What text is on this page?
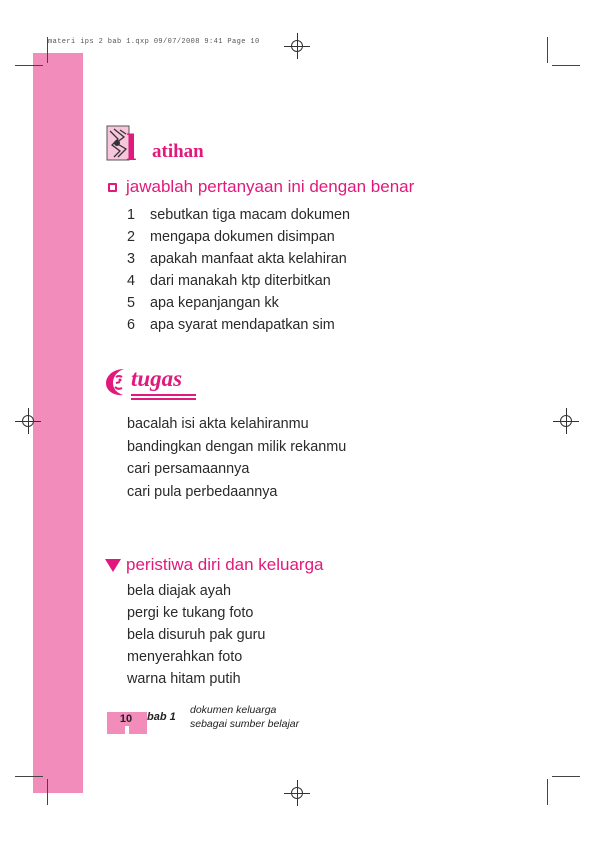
materi ips 2 bab 1.qxp 09/07/2008 9:41 Page 10
l atihan
jawablah pertanyaan ini dengan benar
1 sebutkan tiga macam dokumen
2 mengapa dokumen disimpan
3 apakah manfaat akta kelahiran
4 dari manakah ktp diterbitkan
5 apa kepanjangan kk
6 apa syarat mendapatkan sim
tugas
bacalah isi akta kelahiranmu
bandingkan dengan milik rekanmu
cari persamaannya
cari pula perbedaannya
peristiwa diri dan keluarga
bela diajak ayah
pergi ke tukang foto
bela disuruh pak guru
menyerahkan foto
warna hitam putih
10	bab 1
dokumen keluarga
sebagai sumber belajar
